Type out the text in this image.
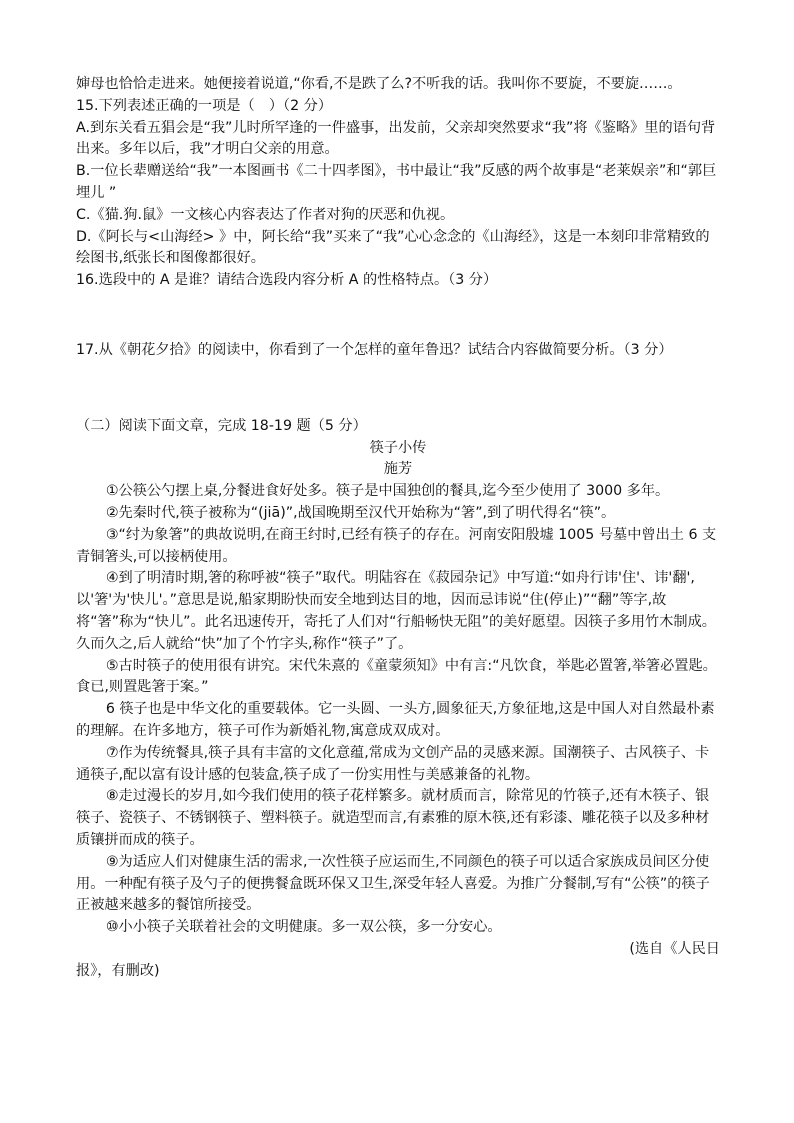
婶母也恰恰走进来。她便接着说道,“你看,不是跌了么?不听我的话。我叫你不要旋，不要旋……。

15.下列表述正确的一项是（　）（2 分）

A.到东关看五猖会是“我”儿时所罕逢的一件盛事，出发前，父亲却突然要求“我”将《鉴略》里的语句背出来。多年以后，我”才明白父亲的用意。

B.一位长辈赠送给“我”一本图画书《二十四孝图》，书中最让“我”反感的两个故事是“老莱娱亲”和“郭巨埋儿 ”

C.《猫.狗.鼠》一文核心内容表达了作者对狗的厌恶和仇视。

D.《阿长与<山海经> 》中，阿长给“我”买来了“我”心心念念的《山海经》，这是一本刻印非常精致的绘图书,纸张长和图像都很好。

16.选段中的 A 是谁？请结合选段内容分析 A 的性格特点。（3 分）

17.从《朝花夕拾》的阅读中，你看到了一个怎样的童年鲁迅？试结合内容做简要分析。（3 分）

（二）阅读下面文章，完成 18-19 题（5 分）

筷子小传

施芳

①公筷公勺摆上桌,分餐进食好处多。筷子是中国独创的餐具,迄今至少使用了 3000 多年。

②先秦时代,筷子被称为“(jiā)”,战国晚期至汉代开始称为“箸”,到了明代得名“筷”。

③“纣为象箸”的典故说明,在商王纣时,已经有筷子的存在。河南安阳殷墟 1005 号墓中曾出土 6 支青铜箸头,可以接柄使用。

④到了明清时期,箸的称呼被“筷子”取代。明陆容在《菽园杂记》中写道:“如舟行讳'住'、讳'翻',以'箸'为'快儿'。”意思是说,船家期盼快而安全地到达目的地，因而忌讳说“住(停止)”“翻”等字,故将“箸”称为“快儿”。此名迅速传开，寄托了人们对“行船畅快无阻”的美好愿望。因筷子多用竹木制成。久而久之,后人就给“快”加了个竹字头,称作“筷子”了。

⑤古时筷子的使用很有讲究。宋代朱熹的《童蒙须知》中有言:“凡饮食，举匙必置箸,举箸必置匙。食已,则置匙箸于案。”

6 筷子也是中华文化的重要载体。它一头圆、一头方,圆象征天,方象征地,这是中国人对自然最朴素的理解。在许多地方，筷子可作为新婚礼物,寓意成双成对。

⑦作为传统餐具,筷子具有丰富的文化意蕴,常成为文创产品的灵感来源。国潮筷子、古风筷子、卡通筷子,配以富有设计感的包装盒,筷子成了一份实用性与美感兼备的礼物。

⑧走过漫长的岁月,如今我们使用的筷子花样繁多。就材质而言，除常见的竹筷子,还有木筷子、银筷子、瓷筷子、不锈钢筷子、塑料筷子。就造型而言,有素雅的原木筷,还有彩漆、雕花筷子以及多种材质镶拼而成的筷子。

⑨为适应人们对健康生活的需求,一次性筷子应运而生,不同颜色的筷子可以适合家族成员间区分使用。一种配有筷子及勺子的便携餐盒既环保又卫生,深受年轻人喜爱。为推广分餐制,写有“公筷”的筷子正被越来越多的餐馆所接受。

⑩小小筷子关联着社会的文明健康。多一双公筷，多一分安心。

(选自《人民日

报》，有删改)
